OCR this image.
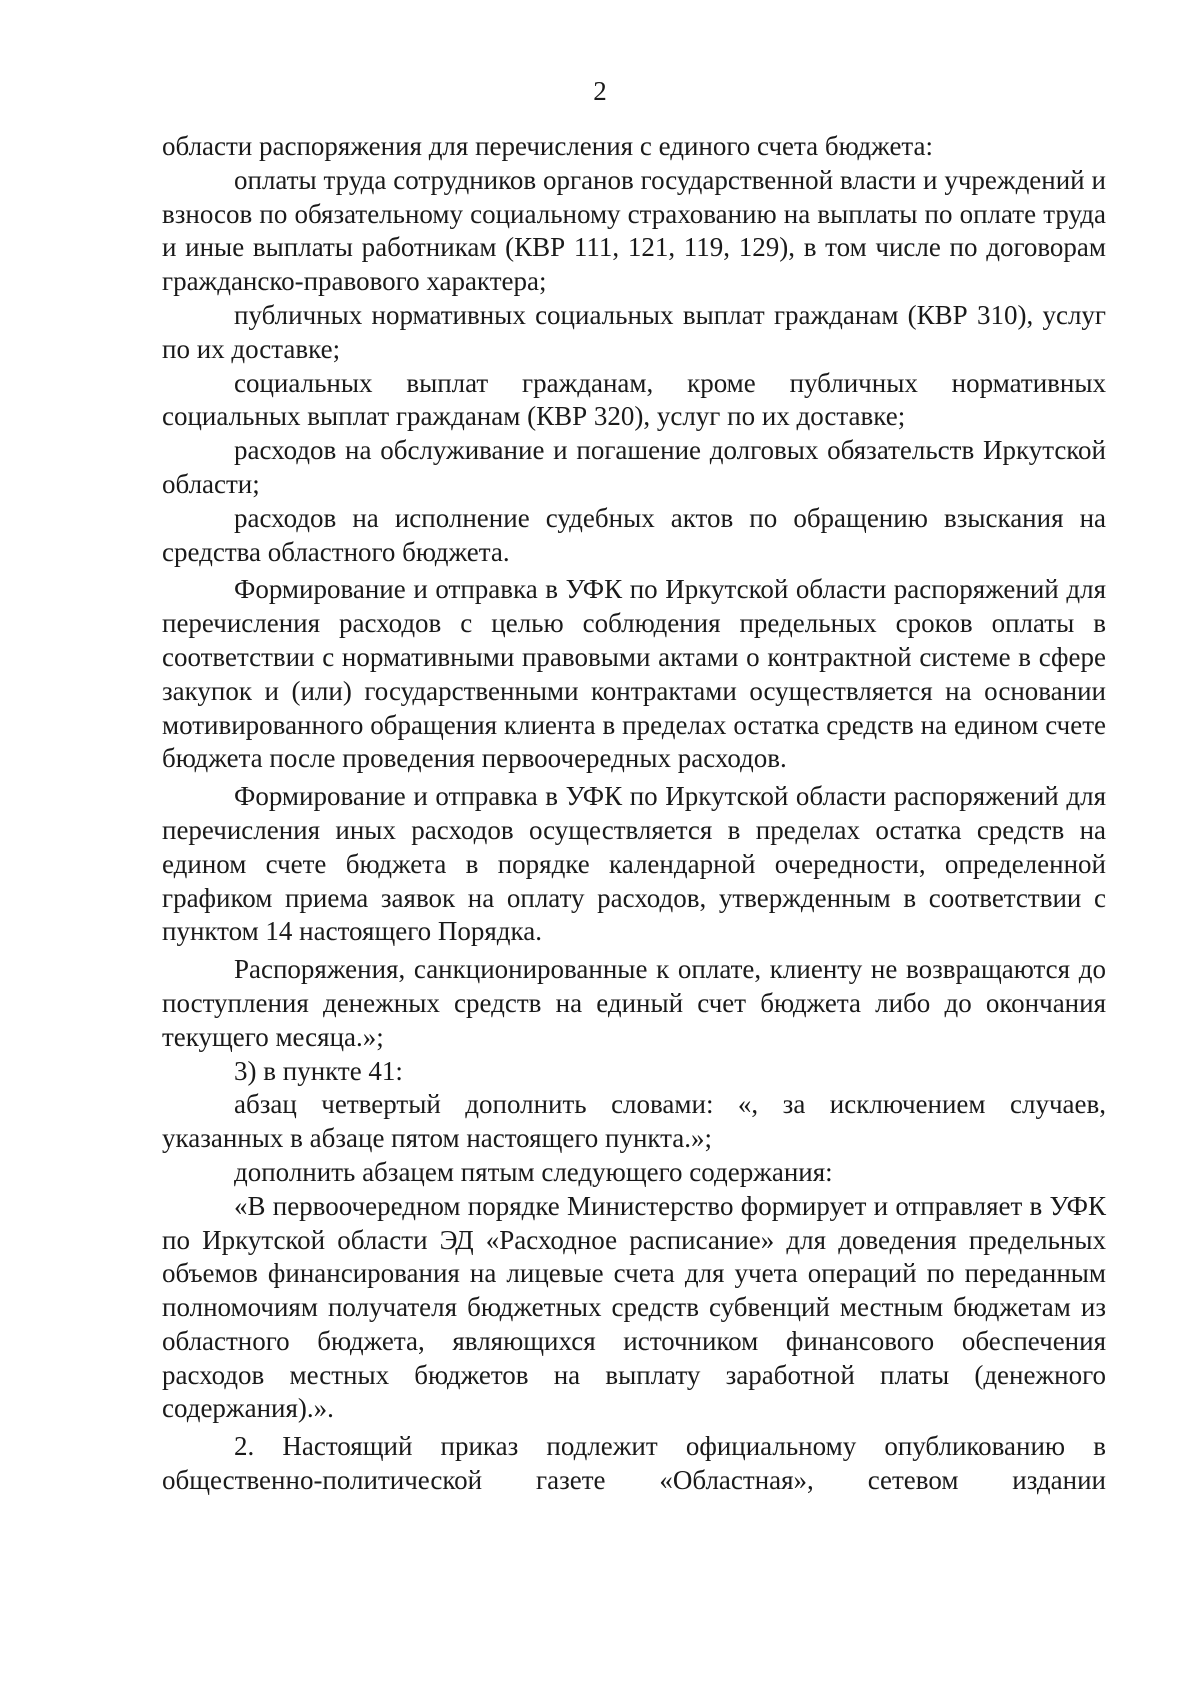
2

области распоряжения для перечисления с единого счета бюджета:

оплаты труда сотрудников органов государственной власти и учреждений и взносов по обязательному социальному страхованию на выплаты по оплате труда и иные выплаты работникам (КВР 111, 121, 119, 129), в том числе по договорам гражданско-правового характера;

публичных нормативных социальных выплат гражданам (КВР 310), услуг по их доставке;

социальных выплат гражданам, кроме публичных нормативных социальных выплат гражданам (КВР 320), услуг по их доставке;

расходов на обслуживание и погашение долговых обязательств Иркутской области;

расходов на исполнение судебных актов по обращению взыскания на средства областного бюджета.

Формирование и отправка в УФК по Иркутской области распоряжений для перечисления расходов с целью соблюдения предельных сроков оплаты в соответствии с нормативными правовыми актами о контрактной системе в сфере закупок и (или) государственными контрактами осуществляется на основании мотивированного обращения клиента в пределах остатка средств на едином счете бюджета после проведения первоочередных расходов.

Формирование и отправка в УФК по Иркутской области распоряжений для перечисления иных расходов осуществляется в пределах остатка средств на едином счете бюджета в порядке календарной очередности, определенной графиком приема заявок на оплату расходов, утвержденным в соответствии с пунктом 14 настоящего Порядка.

Распоряжения, санкционированные к оплате, клиенту не возвращаются до поступления денежных средств на единый счет бюджета либо до окончания текущего месяца.»;

3) в пункте 41:

абзац четвертый дополнить словами: «, за исключением случаев, указанных в абзаце пятом настоящего пункта.»;

дополнить абзацем пятым следующего содержания:

«В первоочередном порядке Министерство формирует и отправляет в УФК по Иркутской области ЭД «Расходное расписание» для доведения предельных объемов финансирования на лицевые счета для учета операций по переданным полномочиям получателя бюджетных средств субвенций местным бюджетам из областного бюджета, являющихся источником финансового обеспечения расходов местных бюджетов на выплату заработной платы (денежного содержания).».

2. Настоящий приказ подлежит официальному опубликованию в общественно-политической газете «Областная», сетевом издании
